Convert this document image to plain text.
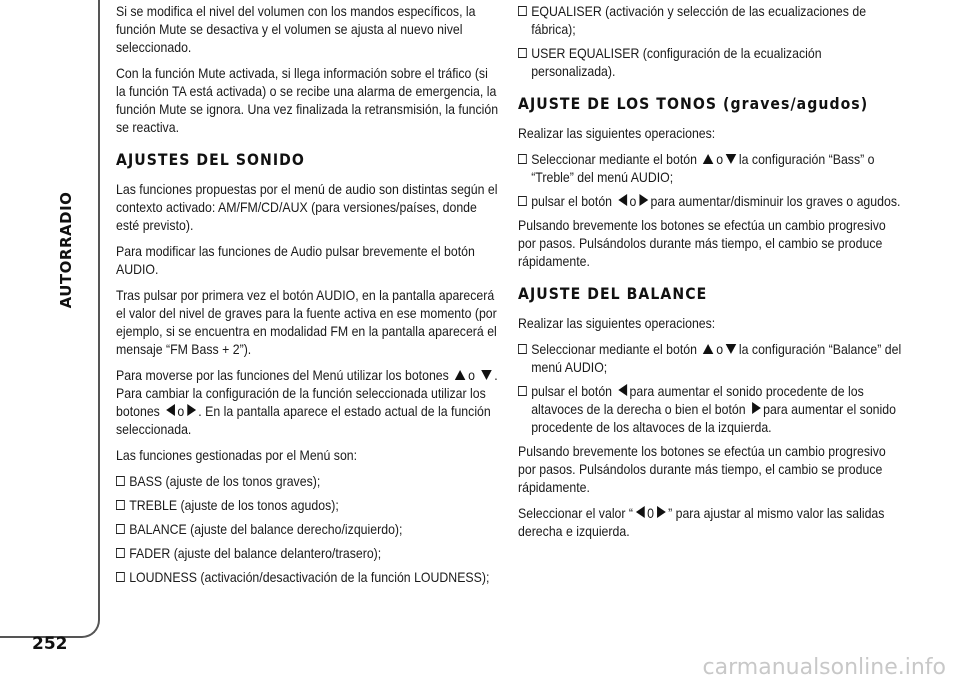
AUTORRADIO
252

Si se modifica el nivel del volumen con los mandos específicos, la función Mute se desactiva y el volumen se ajusta al nuevo nivel seleccionado.

Con la función Mute activada, si llega información sobre el tráfico (si la función TA está activada) o se recibe una alarma de emergencia, la función Mute se ignora. Una vez finalizada la retransmisión, la función se reactiva.

AJUSTES DEL SONIDO

Las funciones propuestas por el menú de audio son distintas según el contexto activado: AM/FM/CD/AUX (para versiones/países, donde esté previsto).

Para modificar las funciones de Audio pulsar brevemente el botón AUDIO.

Tras pulsar por primera vez el botón AUDIO, en la pantalla aparecerá el valor del nivel de graves para la fuente activa en ese momento (por ejemplo, si se encuentra en modalidad FM en la pantalla aparecerá el mensaje “FM Bass + 2”).

Para moverse por las funciones del Menú utilizar los botones o . Para cambiar la configuración de la función seleccionada utilizar los botones o . En la pantalla aparece el estado actual de la función seleccionada.

Las funciones gestionadas por el Menú son:

BASS (ajuste de los tonos graves);
TREBLE (ajuste de los tonos agudos);
BALANCE (ajuste del balance derecho/izquierdo);
FADER (ajuste del balance delantero/trasero);
LOUDNESS (activación/desactivación de la función LOUDNESS);
EQUALISER (activación y selección de las ecualizaciones de fábrica);
USER EQUALISER (configuración de la ecualización personalizada).
AJUSTE DE LOS TONOS (graves/agudos)

Realizar las siguientes operaciones:

Seleccionar mediante el botón o la configuración “Bass” o “Treble” del menú AUDIO;
pulsar el botón o para aumentar/disminuir los graves o agudos.

Pulsando brevemente los botones se efectúa un cambio progresivo por pasos. Pulsándolos durante más tiempo, el cambio se produce rápidamente.

AJUSTE DEL BALANCE

Realizar las siguientes operaciones:

Seleccionar mediante el botón o la configuración “Balance” del menú AUDIO;
pulsar el botón para aumentar el sonido procedente de los altavoces de la derecha o bien el botón para aumentar el sonido procedente de los altavoces de la izquierda.

Pulsando brevemente los botones se efectúa un cambio progresivo por pasos. Pulsándolos durante más tiempo, el cambio se produce rápidamente.

Seleccionar el valor “ 0 ” para ajustar al mismo valor las salidas derecha e izquierda.

carmanualsonline.info
